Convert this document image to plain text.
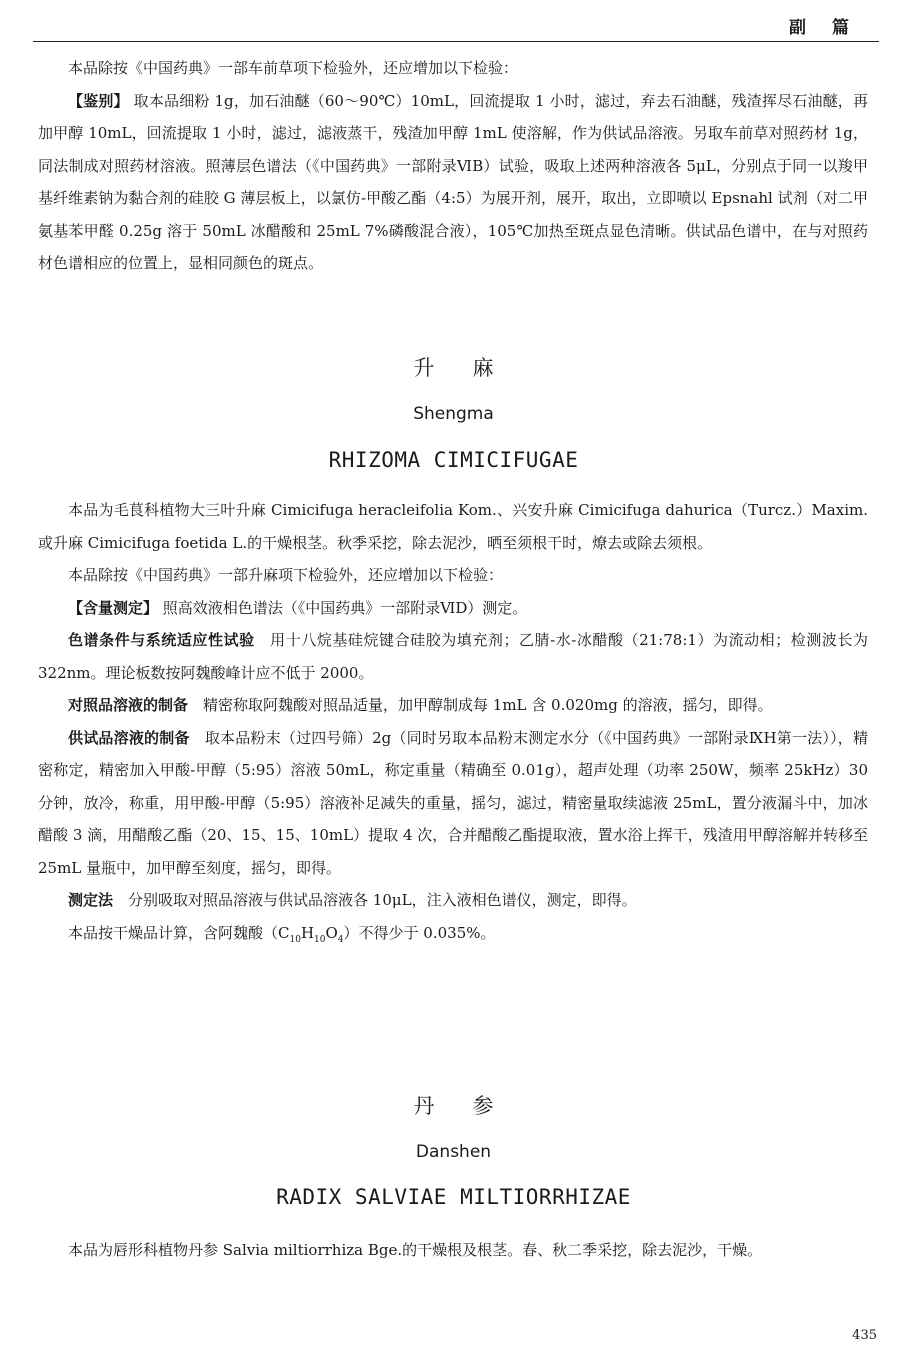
副篇

本品除按《中国药典》一部车前草项下检验外，还应增加以下检验：

【鉴别】 取本品细粉 1g，加石油醚（60～90℃）10mL，回流提取 1 小时，滤过，弃去石油醚，残渣挥尽石油醚，再加甲醇 10mL，回流提取 1 小时，滤过，滤液蒸干，残渣加甲醇 1mL 使溶解，作为供试品溶液。另取车前草对照药材 1g，同法制成对照药材溶液。照薄层色谱法（《中国药典》一部附录ⅥB）试验，吸取上述两种溶液各 5μL，分别点于同一以羧甲基纤维素钠为黏合剂的硅胶 G 薄层板上，以氯仿-甲酸乙酯（4:5）为展开剂，展开，取出，立即喷以 Epsnahl 试剂（对二甲氨基苯甲醛 0.25g 溶于 50mL 冰醋酸和 25mL 7%磷酸混合液），105℃加热至斑点显色清晰。供试品色谱中，在与对照药材色谱相应的位置上，显相同颜色的斑点。

升麻
Shengma
RHIZOMA CIMICIFUGAE

本品为毛茛科植物大三叶升麻 Cimicifuga heracleifolia Kom.、兴安升麻 Cimicifuga dahurica（Turcz.）Maxim.或升麻 Cimicifuga foetida L.的干燥根茎。秋季采挖，除去泥沙，晒至须根干时，燎去或除去须根。

本品除按《中国药典》一部升麻项下检验外，还应增加以下检验：

【含量测定】 照高效液相色谱法（《中国药典》一部附录ⅥD）测定。

色谱条件与系统适应性试验  用十八烷基硅烷键合硅胶为填充剂；乙腈-水-冰醋酸（21:78:1）为流动相；检测波长为 322nm。理论板数按阿魏酸峰计应不低于 2000。

对照品溶液的制备  精密称取阿魏酸对照品适量，加甲醇制成每 1mL 含 0.020mg 的溶液，摇匀，即得。

供试品溶液的制备  取本品粉末（过四号筛）2g（同时另取本品粉末测定水分（《中国药典》一部附录ⅨH第一法）），精密称定，精密加入甲酸-甲醇（5:95）溶液 50mL，称定重量（精确至 0.01g），超声处理（功率 250W，频率 25kHz）30 分钟，放冷，称重，用甲酸-甲醇（5:95）溶液补足减失的重量，摇匀，滤过，精密量取续滤液 25mL，置分液漏斗中，加冰醋酸 3 滴，用醋酸乙酯（20、15、15、10mL）提取 4 次，合并醋酸乙酯提取液，置水浴上挥干，残渣用甲醇溶解并转移至 25mL 量瓶中，加甲醇至刻度，摇匀，即得。

测定法  分别吸取对照品溶液与供试品溶液各 10μL，注入液相色谱仪，测定，即得。

本品按干燥品计算，含阿魏酸$(C_{10}H_{10}O_4)$不得少于 0.035%。

丹参
Danshen
RADIX SALVIAE MILTIORRHIZAE

本品为唇形科植物丹参 Salvia miltiorrhiza Bge.的干燥根及根茎。春、秋二季采挖，除去泥沙，干燥。

435
